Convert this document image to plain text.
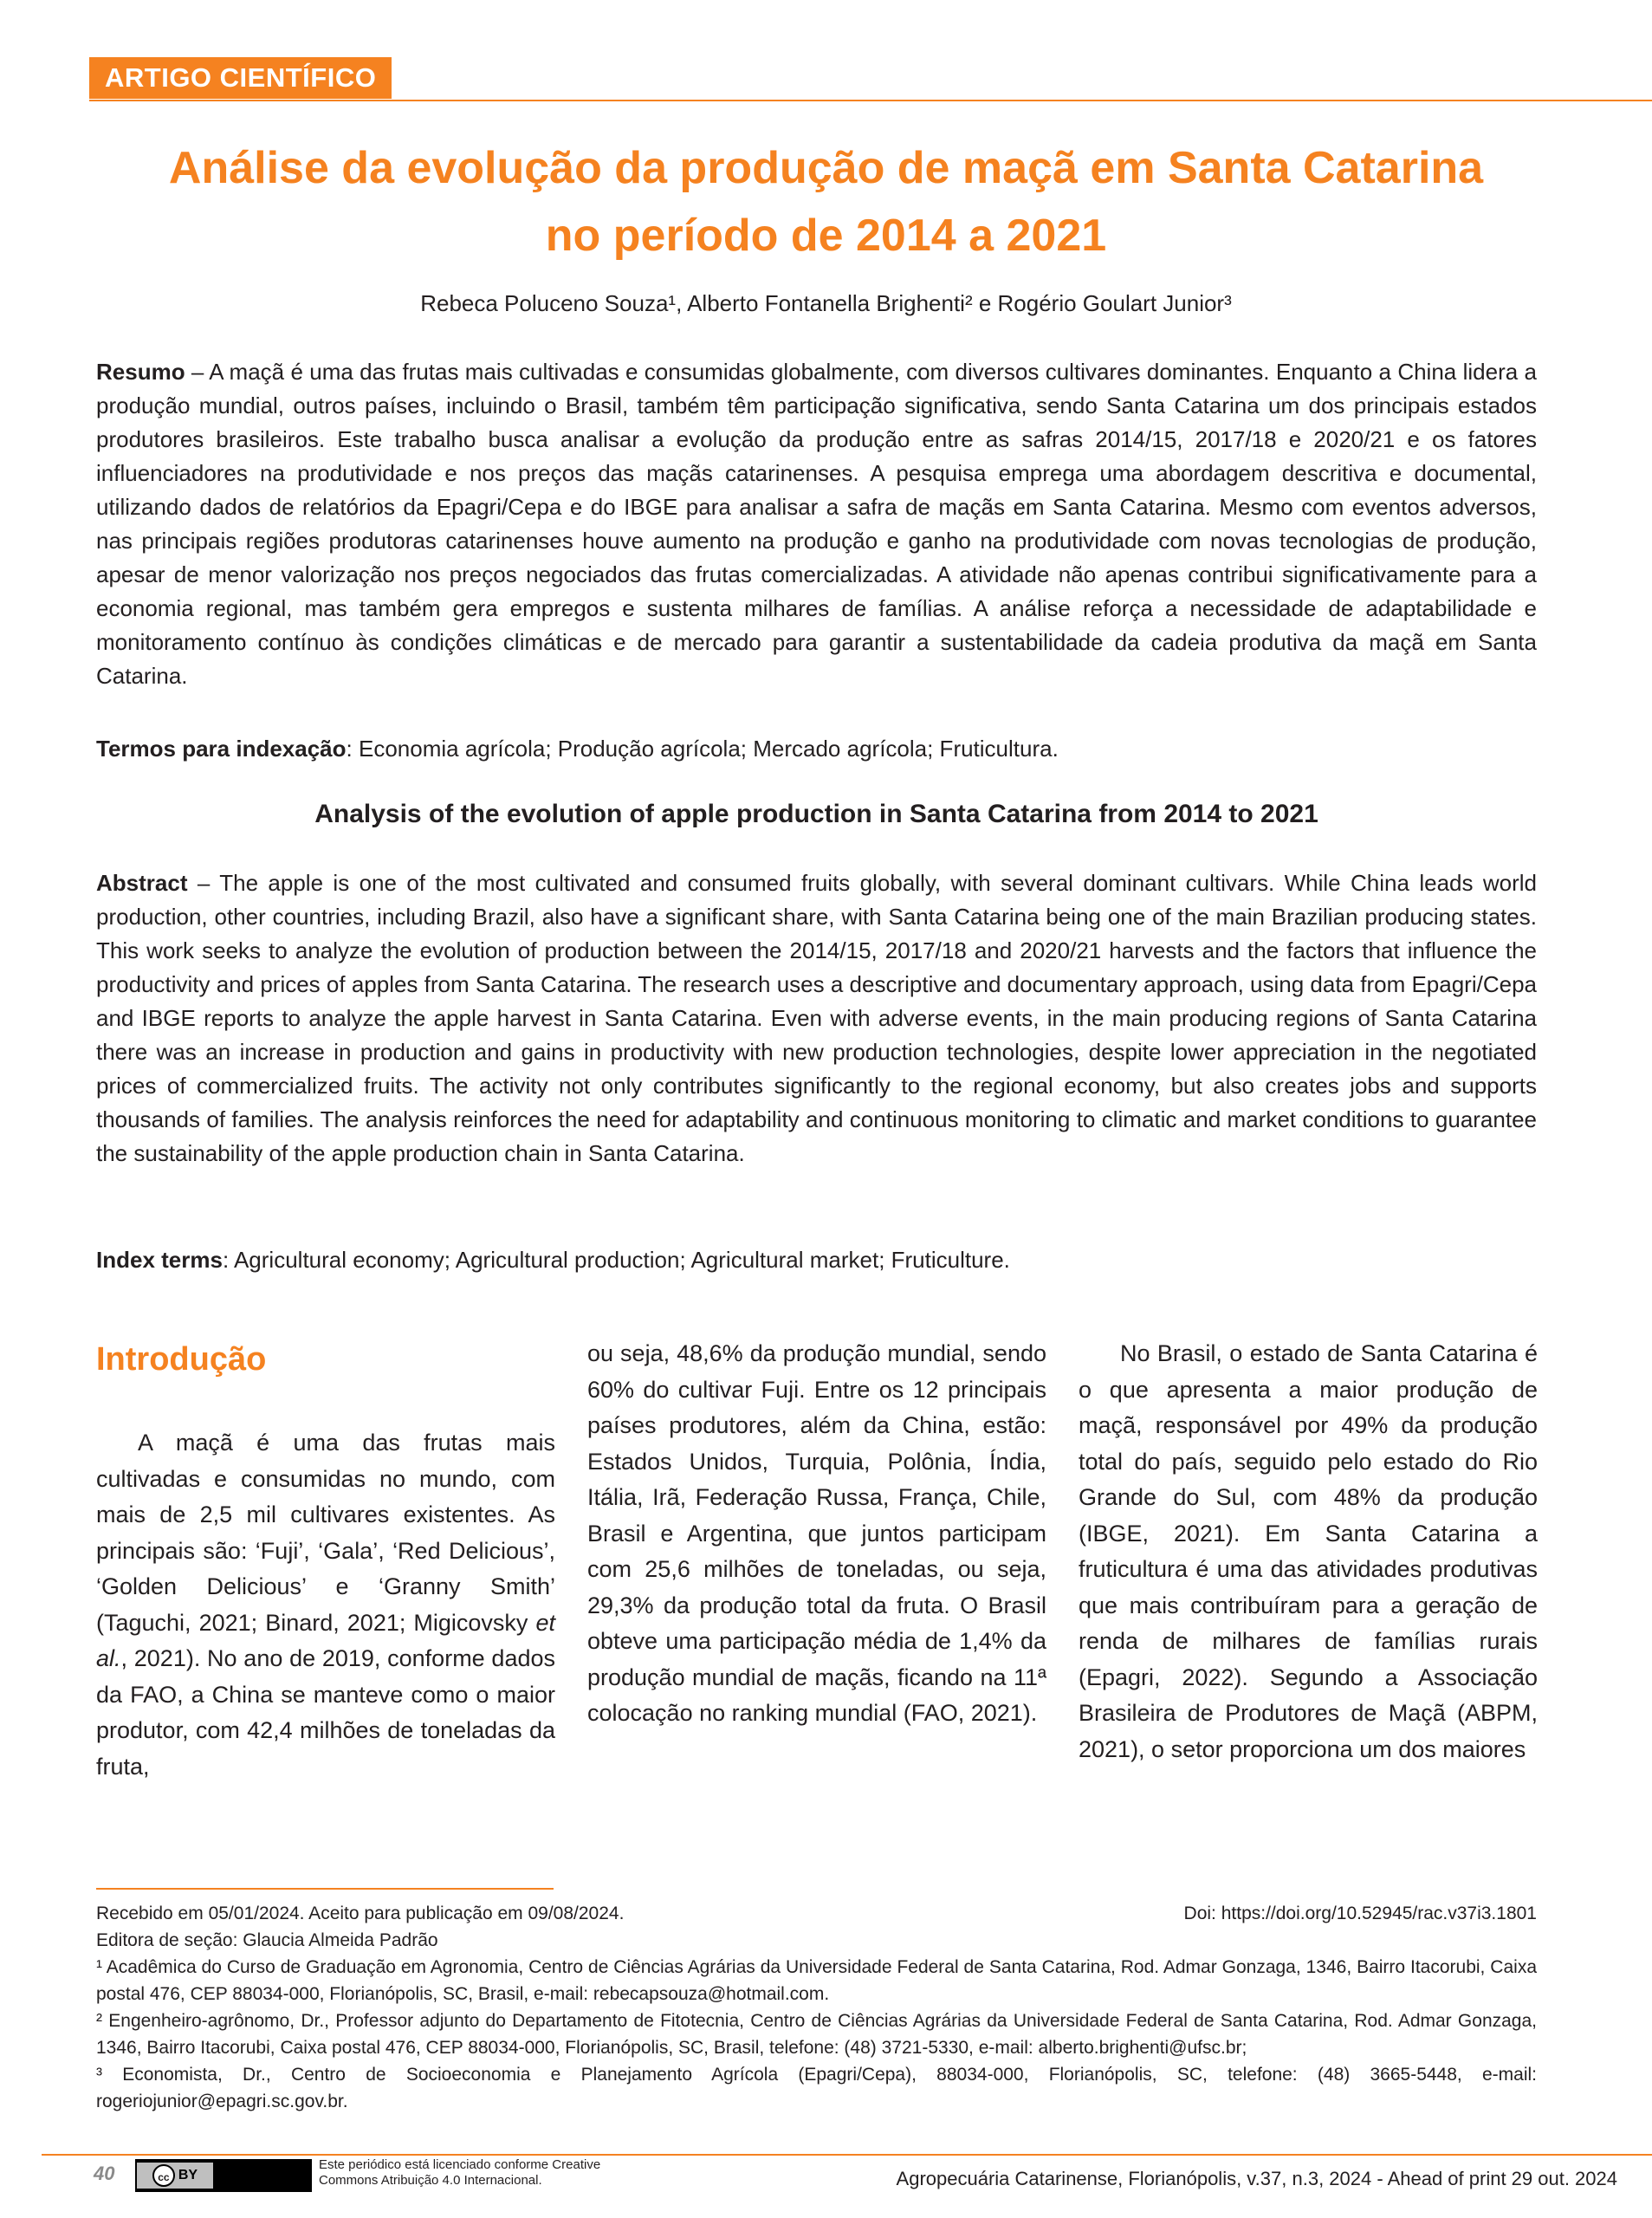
ARTIGO CIENTÍFICO
Análise da evolução da produção de maçã em Santa Catarina
no período de 2014 a 2021
Rebeca Poluceno Souza¹, Alberto Fontanella Brighenti² e Rogério Goulart Junior³
Resumo – A maçã é uma das frutas mais cultivadas e consumidas globalmente, com diversos cultivares dominantes. Enquanto a China lidera a produção mundial, outros países, incluindo o Brasil, também têm participação significativa, sendo Santa Catarina um dos principais estados produtores brasileiros. Este trabalho busca analisar a evolução da produção entre as safras 2014/15, 2017/18 e 2020/21 e os fatores influenciadores na produtividade e nos preços das maçãs catarinenses. A pesquisa emprega uma abordagem descritiva e documental, utilizando dados de relatórios da Epagri/Cepa e do IBGE para analisar a safra de maçãs em Santa Catarina. Mesmo com eventos adversos, nas principais regiões produtoras catarinenses houve aumento na produção e ganho na produtividade com novas tecnologias de produção, apesar de menor valorização nos preços negociados das frutas comercializadas. A atividade não apenas contribui significativamente para a economia regional, mas também gera empregos e sustenta milhares de famílias. A análise reforça a necessidade de adaptabilidade e monitoramento contínuo às condições climáticas e de mercado para garantir a sustentabilidade da cadeia produtiva da maçã em Santa Catarina.
Termos para indexação: Economia agrícola; Produção agrícola; Mercado agrícola; Fruticultura.
Analysis of the evolution of apple production in Santa Catarina from 2014 to 2021
Abstract – The apple is one of the most cultivated and consumed fruits globally, with several dominant cultivars. While China leads world production, other countries, including Brazil, also have a significant share, with Santa Catarina being one of the main Brazilian producing states. This work seeks to analyze the evolution of production between the 2014/15, 2017/18 and 2020/21 harvests and the factors that influence the productivity and prices of apples from Santa Catarina. The research uses a descriptive and documentary approach, using data from Epagri/Cepa and IBGE reports to analyze the apple harvest in Santa Catarina. Even with adverse events, in the main producing regions of Santa Catarina there was an increase in production and gains in productivity with new production technologies, despite lower appreciation in the negotiated prices of commercialized fruits. The activity not only contributes significantly to the regional economy, but also creates jobs and supports thousands of families. The analysis reinforces the need for adaptability and continuous monitoring to climatic and market conditions to guarantee the sustainability of the apple production chain in Santa Catarina.
Index terms: Agricultural economy; Agricultural production; Agricultural market; Fruticulture.
Introdução

A maçã é uma das frutas mais cultivadas e consumidas no mundo, com mais de 2,5 mil cultivares existentes. As principais são: ‘Fuji’, ‘Gala’, ‘Red Delicious’, ‘Golden Delicious’ e ‘Granny Smith’ (Taguchi, 2021; Binard, 2021; Migicovsky et al., 2021). No ano de 2019, conforme dados da FAO, a China se manteve como o maior produtor, com 42,4 milhões de toneladas da fruta,

ou seja, 48,6% da produção mundial, sendo 60% do cultivar Fuji. Entre os 12 principais países produtores, além da China, estão: Estados Unidos, Turquia, Polônia, Índia, Itália, Irã, Federação Russa, França, Chile, Brasil e Argentina, que juntos participam com 25,6 milhões de toneladas, ou seja, 29,3% da produção total da fruta. O Brasil obteve uma participação média de 1,4% da produção mundial de maçãs, ficando na 11ª colocação no ranking mundial (FAO, 2021).

No Brasil, o estado de Santa Catarina é o que apresenta a maior produção de maçã, responsável por 49% da produção total do país, seguido pelo estado do Rio Grande do Sul, com 48% da produção (IBGE, 2021). Em Santa Catarina a fruticultura é uma das atividades produtivas que mais contribuíram para a geração de renda de milhares de famílias rurais (Epagri, 2022). Segundo a Associação Brasileira de Produtores de Maçã (ABPM, 2021), o setor proporciona um dos maiores

Doi: https://doi.org/10.52945/rac.v37i3.1801

Recebido em 05/01/2024. Aceito para publicação em 09/08/2024.

Editora de seção: Glaucia Almeida Padrão

¹ Acadêmica do Curso de Graduação em Agronomia, Centro de Ciências Agrárias da Universidade Federal de Santa Catarina, Rod. Admar Gonzaga, 1346, Bairro Itacorubi, Caixa postal 476, CEP 88034-000, Florianópolis, SC, Brasil, e-mail: rebecapsouza@hotmail.com.

² Engenheiro-agrônomo, Dr., Professor adjunto do Departamento de Fitotecnia, Centro de Ciências Agrárias da Universidade Federal de Santa Catarina, Rod. Admar Gonzaga, 1346, Bairro Itacorubi, Caixa postal 476, CEP 88034-000, Florianópolis, SC, Brasil, telefone: (48) 3721-5330, e-mail: alberto.brighenti@ufsc.br;

³ Economista, Dr., Centro de Socioeconomia e Planejamento Agrícola (Epagri/Cepa), 88034-000, Florianópolis, SC, telefone: (48) 3665-5448, e-mail: rogeriojunior@epagri.sc.gov.br.

40	cc BY
Este periódico está licenciado conforme Creative
Commons Atribuição 4.0 Internacional.	Agropecuária Catarinense, Florianópolis, v.37, n.3, 2024 - Ahead of print 29 out. 2024
